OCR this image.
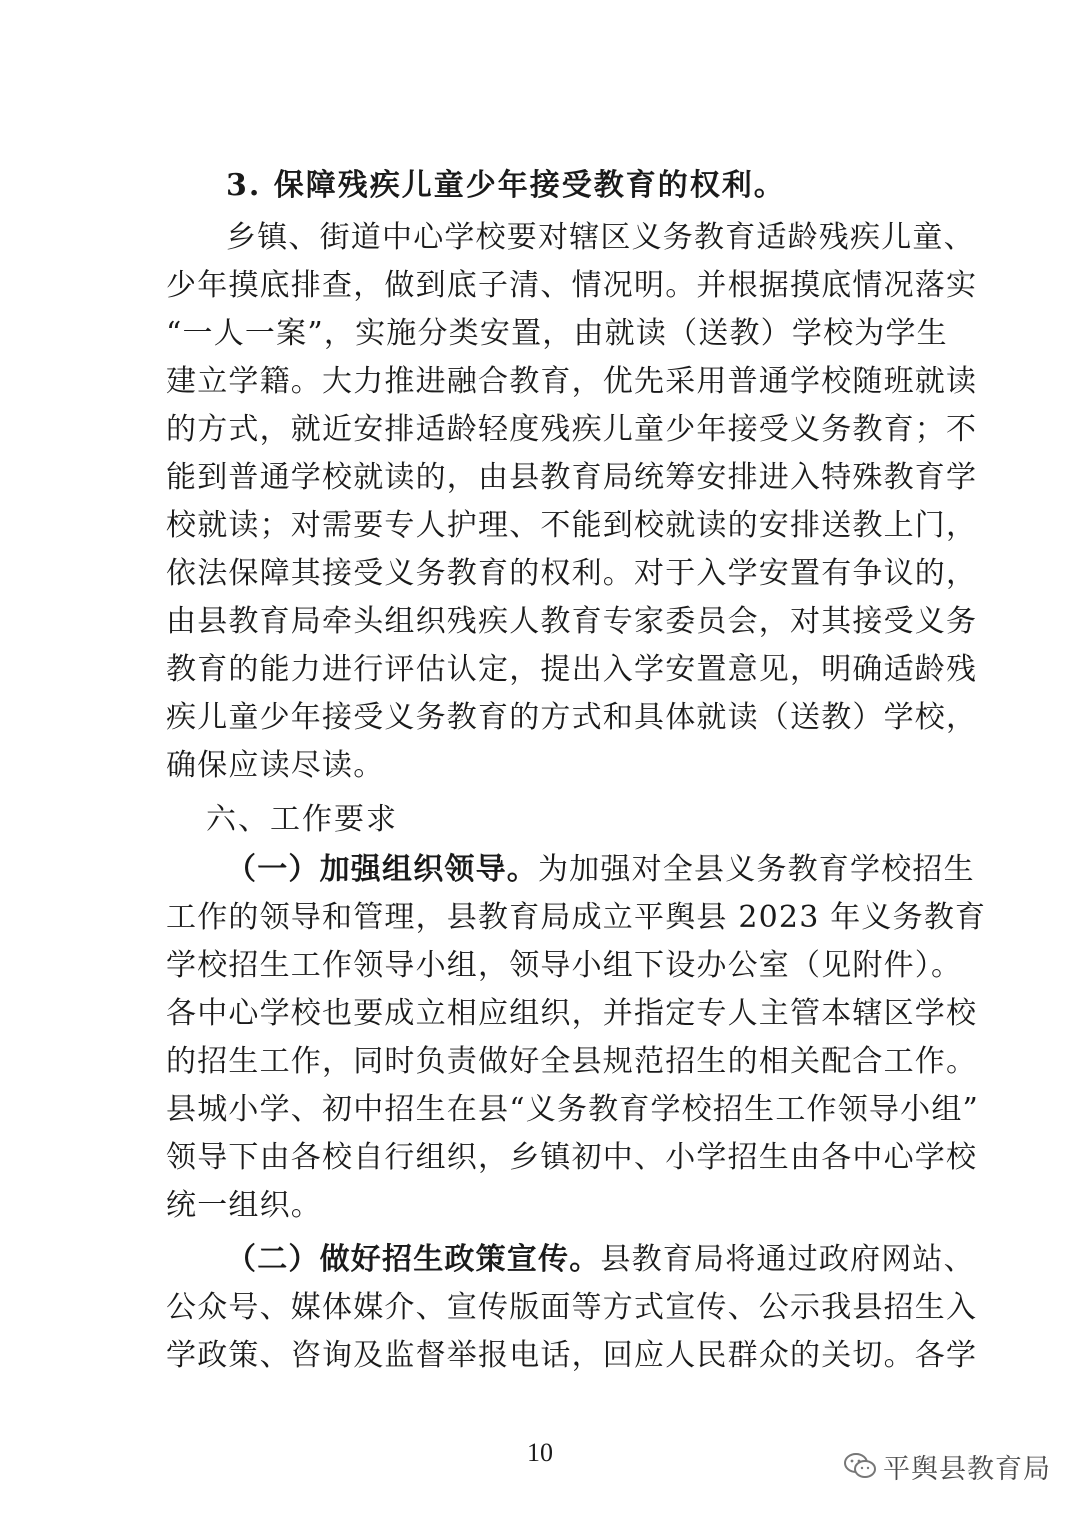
3. 保障残疾儿童少年接受教育的权利。
乡镇、街道中心学校要对辖区义务教育适龄残疾儿童、
少年摸底排查，做到底子清、情况明。并根据摸底情况落实
“一人一案”，实施分类安置，由就读（送教）学校为学生
建立学籍。大力推进融合教育，优先采用普通学校随班就读
的方式，就近安排适龄轻度残疾儿童少年接受义务教育；不
能到普通学校就读的，由县教育局统筹安排进入特殊教育学
校就读；对需要专人护理、不能到校就读的安排送教上门，
依法保障其接受义务教育的权利。对于入学安置有争议的，
由县教育局牵头组织残疾人教育专家委员会，对其接受义务
教育的能力进行评估认定，提出入学安置意见，明确适龄残
疾儿童少年接受义务教育的方式和具体就读（送教）学校，
确保应读尽读。
六、工作要求
（一）加强组织领导。为加强对全县义务教育学校招生
工作的领导和管理，县教育局成立平舆县 2023 年义务教育
学校招生工作领导小组，领导小组下设办公室（见附件）。
各中心学校也要成立相应组织，并指定专人主管本辖区学校
的招生工作，同时负责做好全县规范招生的相关配合工作。
县城小学、初中招生在县“义务教育学校招生工作领导小组”
领导下由各校自行组织，乡镇初中、小学招生由各中心学校
统一组织。
（二）做好招生政策宣传。县教育局将通过政府网站、
公众号、媒体媒介、宣传版面等方式宣传、公示我县招生入
学政策、咨询及监督举报电话，回应人民群众的关切。各学
10
平舆县教育局
